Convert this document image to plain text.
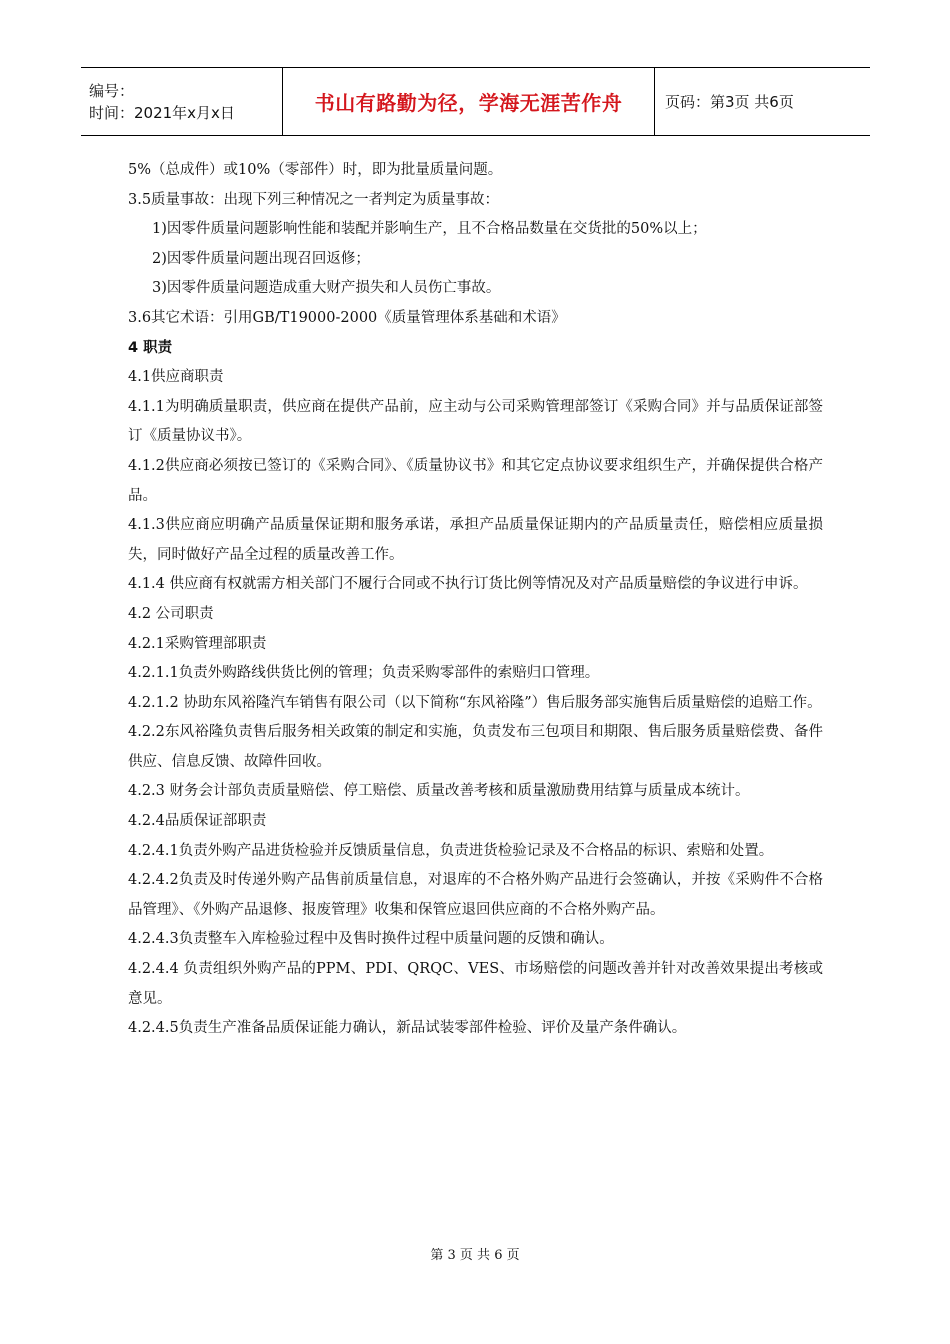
编号：
时间：2021年x月x日	书山有路勤为径，学海无涯苦作舟	页码：第3页 共6页

5%（总成件）或10%（零部件）时，即为批量质量问题。

3.5质量事故：出现下列三种情况之一者判定为质量事故：

1)因零件质量问题影响性能和装配并影响生产，且不合格品数量在交货批的50%以上；

2)因零件质量问题出现召回返修；

3)因零件质量问题造成重大财产损失和人员伤亡事故。

3.6其它术语：引用GB/T19000-2000《质量管理体系基础和术语》

4 职责

4.1供应商职责

4.1.1为明确质量职责，供应商在提供产品前，应主动与公司采购管理部签订《采购合同》并与品质保证部签订《质量协议书》。

4.1.2供应商必须按已签订的《采购合同》、《质量协议书》和其它定点协议要求组织生产，并确保提供合格产品。

4.1.3供应商应明确产品质量保证期和服务承诺，承担产品质量保证期内的产品质量责任，赔偿相应质量损失，同时做好产品全过程的质量改善工作。

4.1.4 供应商有权就需方相关部门不履行合同或不执行订货比例等情况及对产品质量赔偿的争议进行申诉。

4.2 公司职责

4.2.1采购管理部职责

4.2.1.1负责外购路线供货比例的管理；负责采购零部件的索赔归口管理。

4.2.1.2 协助东风裕隆汽车销售有限公司（以下简称“东风裕隆”）售后服务部实施售后质量赔偿的追赔工作。

4.2.2东风裕隆负责售后服务相关政策的制定和实施，负责发布三包项目和期限、售后服务质量赔偿费、备件供应、信息反馈、故障件回收。

4.2.3 财务会计部负责质量赔偿、停工赔偿、质量改善考核和质量激励费用结算与质量成本统计。

4.2.4品质保证部职责

4.2.4.1负责外购产品进货检验并反馈质量信息，负责进货检验记录及不合格品的标识、索赔和处置。

4.2.4.2负责及时传递外购产品售前质量信息，对退库的不合格外购产品进行会签确认，并按《采购件不合格品管理》、《外购产品退修、报废管理》收集和保管应退回供应商的不合格外购产品。

4.2.4.3负责整车入库检验过程中及售时换件过程中质量问题的反馈和确认。

4.2.4.4 负责组织外购产品的PPM、PDI、QRQC、VES、市场赔偿的问题改善并针对改善效果提出考核或意见。

4.2.4.5负责生产准备品质保证能力确认，新品试装零部件检验、评价及量产条件确认。

第 3 页 共 6 页
